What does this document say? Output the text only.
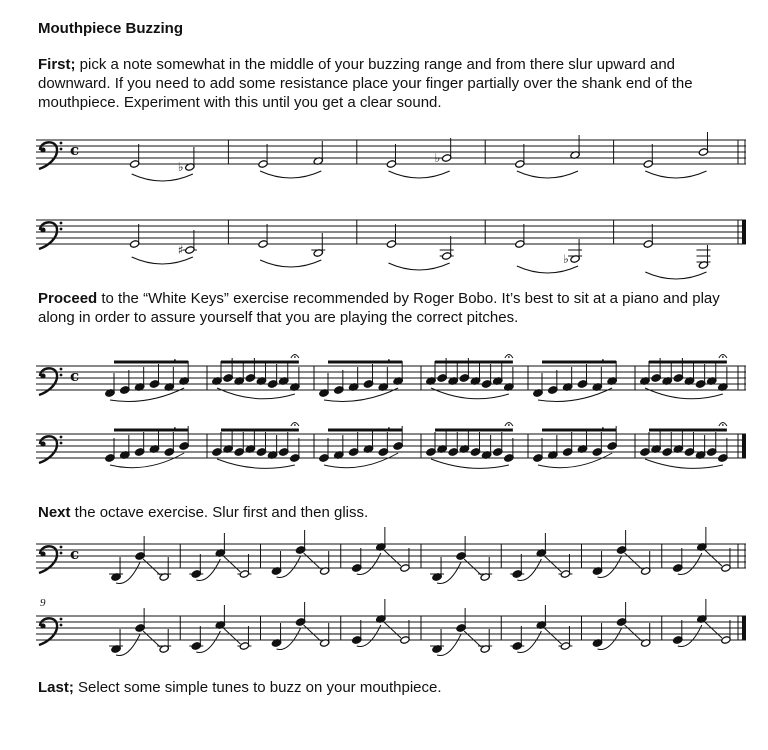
Mouthpiece Buzzing

First; pick a note somewhat in the middle of your buzzing range and from there slur upward and downward. If you need to add some resistance place your finger partially over the shank end of the mouthpiece. Experiment with this until you get a clear sound.

c
♭
♭
♯
♭

Proceed to the “White Keys” exercise recommended by Roger Bobo. It’s best to sit at a piano and play along in order to assure yourself that you are playing the correct pitches.

c

Next the octave exercise. Slur first and then gliss.

c
9

Last; Select some simple tunes to buzz on your mouthpiece.
